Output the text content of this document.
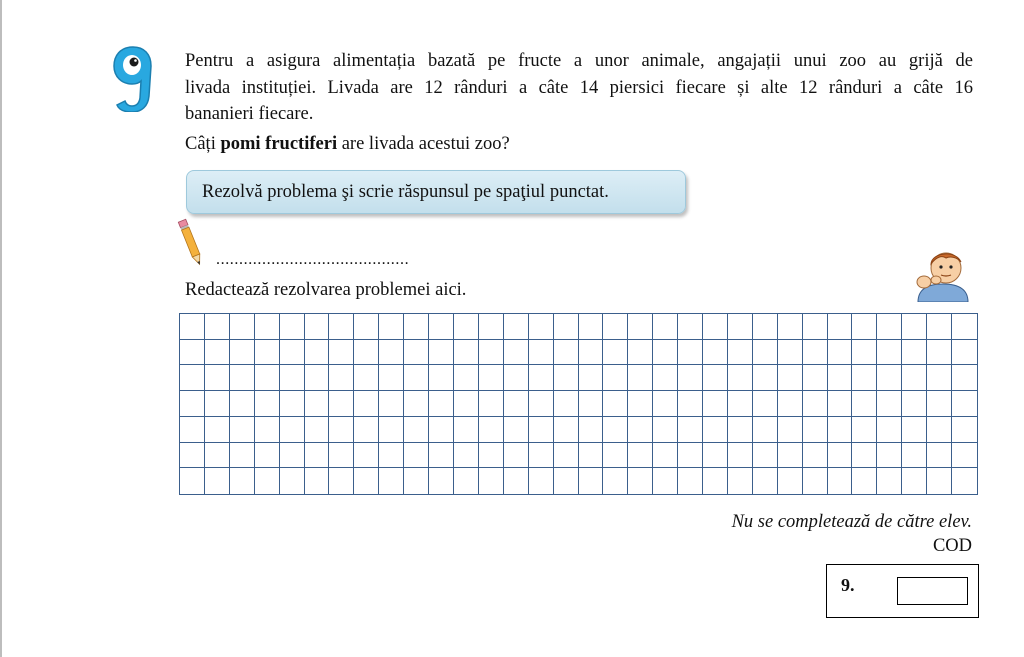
Pentru a asigura alimentația bazată pe fructe a unor animale, angajații unui zoo au grijă de
livada instituției. Livada are 12 rânduri a câte 14 piersici fiecare și alte 12 rânduri a câte 16
bananieri fiecare.
Câți pomi fructiferi are livada acestui zoo?
Rezolvă problema şi scrie răspunsul pe spaţiul punctat.
..........................................
Redactează rezolvarea problemei aici.
Nu se completează de către elev.
COD
9.
